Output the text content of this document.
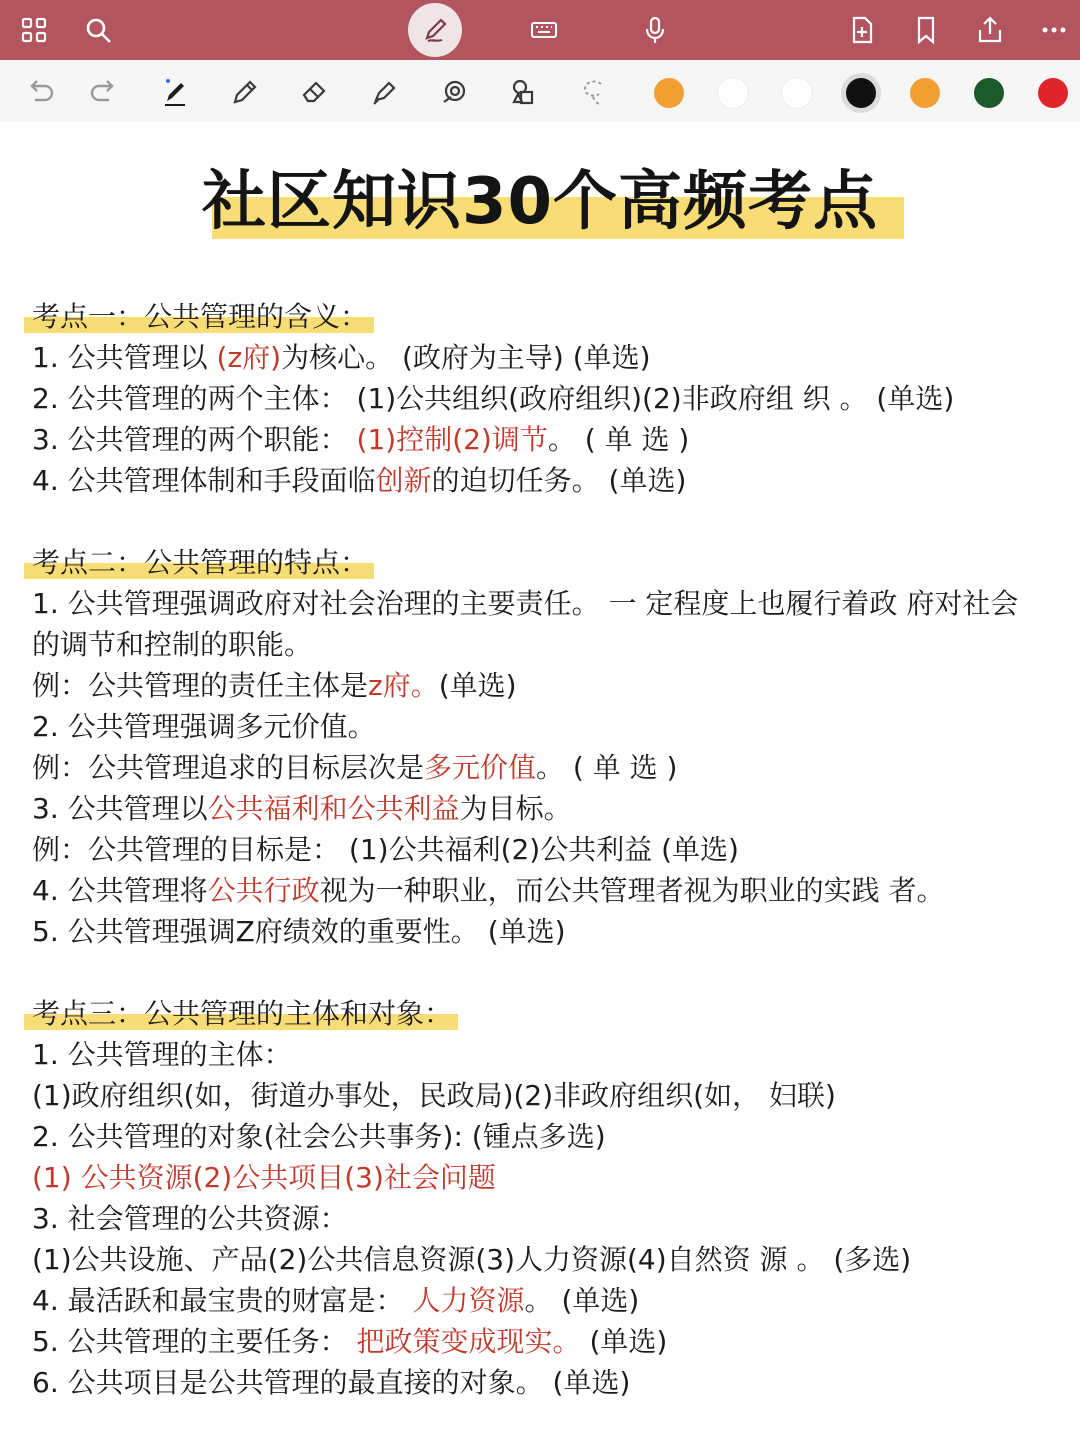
社区知识30个高频考点
考点一：公共管理的含义：
1. 公共管理以 (z府)为核心。 (政府为主导) (单选)
2. 公共管理的两个主体： (1)公共组织(政府组织)(2)非政府组 织 。 (单选)
3. 公共管理的两个职能： (1)控制(2)调节。 ( 单 选 )
4. 公共管理体制和手段面临创新的迫切任务。 (单选)
考点二：公共管理的特点：
1. 公共管理强调政府对社会治理的主要责任。 一 定程度上也履行着政 府对社会
的调节和控制的职能。
例：公共管理的责任主体是z府。(单选)
2. 公共管理强调多元价值。
例：公共管理追求的目标层次是多元价值。 ( 单 选 )
3. 公共管理以公共福利和公共利益为目标。
例：公共管理的目标是： (1)公共福利(2)公共利益 (单选)
4. 公共管理将公共行政视为一种职业，而公共管理者视为职业的实践 者。
5. 公共管理强调Z府绩效的重要性。 (单选)
考点三：公共管理的主体和对象：
1. 公共管理的主体：
(1)政府组织(如，街道办事处，民政局)(2)非政府组织(如， 妇联)
2. 公共管理的对象(社会公共事务): (锺点多选)
(1) 公共资源(2)公共项目(3)社会问题
3. 社会管理的公共资源：
(1)公共设施、产品(2)公共信息资源(3)人力资源(4)自然资 源 。 (多选)
4. 最活跃和最宝贵的财富是： 人力资源。 (单选)
5. 公共管理的主要任务： 把政策变成现实。 (单选)
6. 公共项目是公共管理的最直接的对象。 (单选)
